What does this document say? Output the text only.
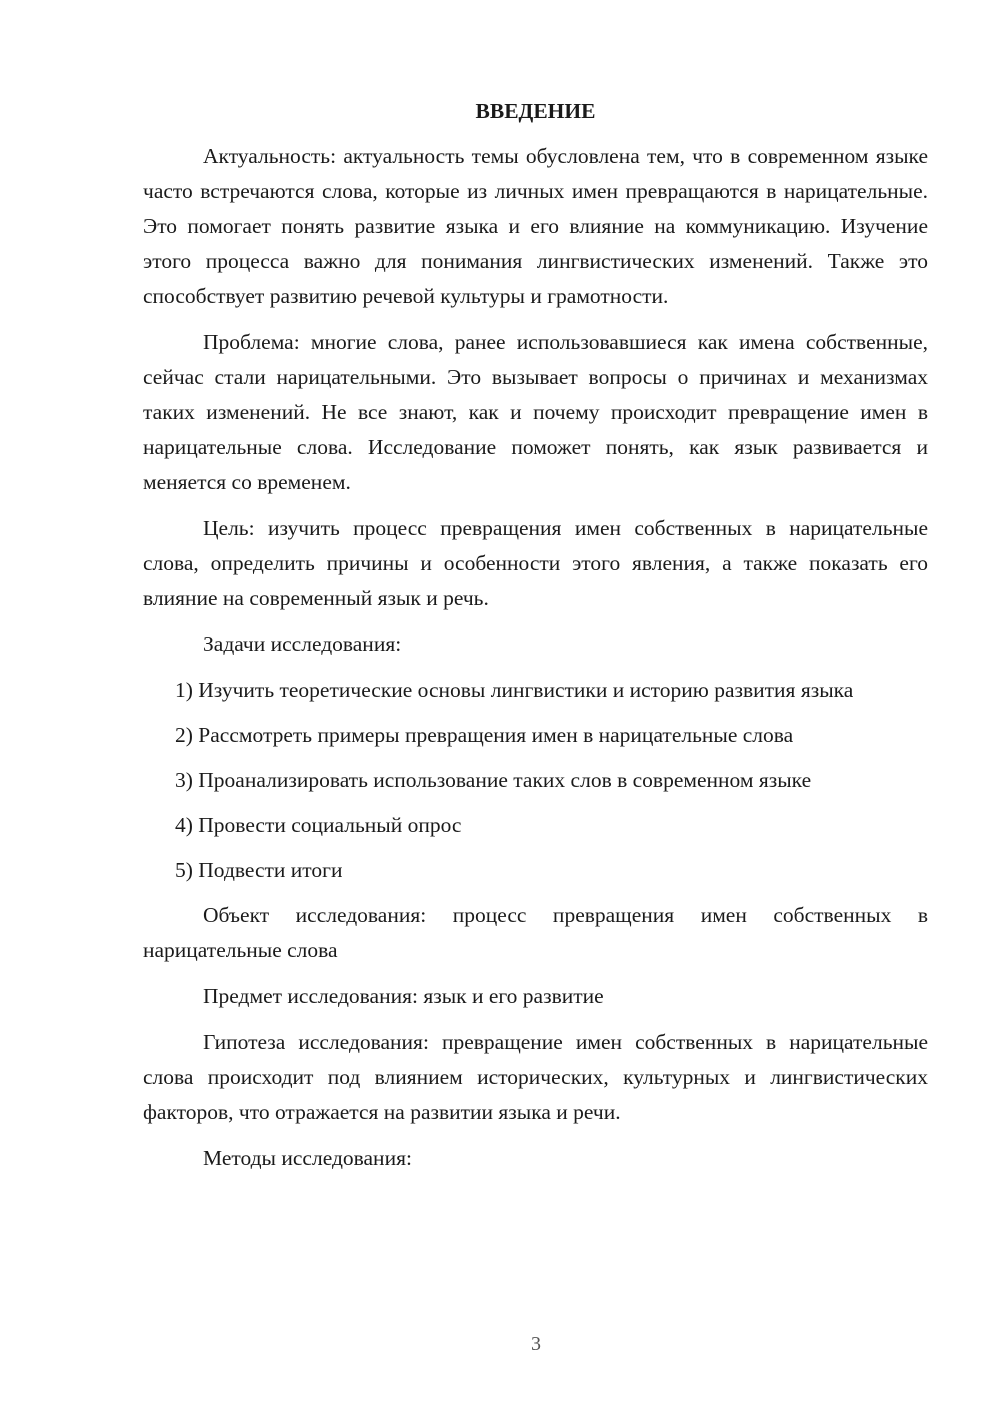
ВВЕДЕНИЕ

Актуальность: актуальность темы обусловлена тем, что в современном языке часто встречаются слова, которые из личных имен превращаются в нарицательные. Это помогает понять развитие языка и его влияние на коммуникацию. Изучение этого процесса важно для понимания лингвистических изменений. Также это способствует развитию речевой культуры и грамотности.

Проблема: многие слова, ранее использовавшиеся как имена собственные, сейчас стали нарицательными. Это вызывает вопросы о причинах и механизмах таких изменений. Не все знают, как и почему происходит превращение имен в нарицательные слова. Исследование поможет понять, как язык развивается и меняется со временем.

Цель: изучить процесс превращения имен собственных в нарицательные слова, определить причины и особенности этого явления, а также показать его влияние на современный язык и речь.

Задачи исследования:

1) Изучить теоретические основы лингвистики и историю развития языка

2) Рассмотреть примеры превращения имен в нарицательные слова

3) Проанализировать использование таких слов в современном языке

4) Провести социальный опрос

5) Подвести итоги

Объект исследования: процесс превращения имен собственных в нарицательные слова

Предмет исследования: язык и его развитие

Гипотеза исследования: превращение имен собственных в нарицательные слова происходит под влиянием исторических, культурных и лингвистических факторов, что отражается на развитии языка и речи.

Методы исследования:

3
